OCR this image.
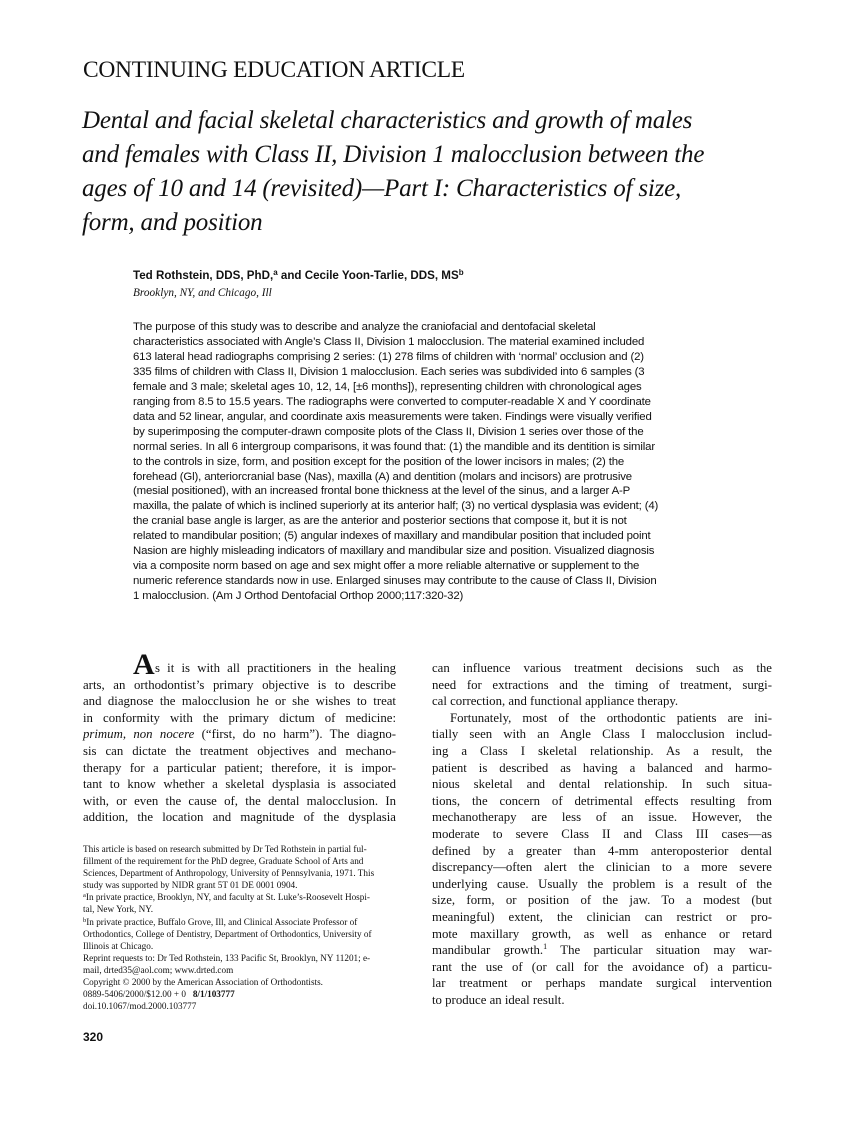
CONTINUING EDUCATION ARTICLE
Dental and facial skeletal characteristics and growth of males
and females with Class II, Division 1 malocclusion between the
ages of 10 and 14 (revisited)—Part I: Characteristics of size,
form, and position
Ted Rothstein, DDS, PhD,$^a$ and Cecile Yoon-Tarlie, DDS, $MS^b$
Brooklyn, NY, and Chicago, Ill
The purpose of this study was to describe and analyze the craniofacial and dentofacial skeletal
characteristics associated with Angle’s Class II, Division 1 malocclusion. The material examined included
613 lateral head radiographs comprising 2 series: (1) 278 films of children with ‘normal’ occlusion and (2)
335 films of children with Class II, Division 1 malocclusion. Each series was subdivided into 6 samples (3
female and 3 male; skeletal ages 10, 12, 14, [±6 months]), representing children with chronological ages
ranging from 8.5 to 15.5 years. The radiographs were converted to computer-readable X and Y coordinate
data and 52 linear, angular, and coordinate axis measurements were taken. Findings were visually verified
by superimposing the computer-drawn composite plots of the Class II, Division 1 series over those of the
normal series. In all 6 intergroup comparisons, it was found that: (1) the mandible and its dentition is similar
to the controls in size, form, and position except for the position of the lower incisors in males; (2) the
forehead (Gl), anteriorcranial base (Nas), maxilla (A) and dentition (molars and incisors) are protrusive
(mesial positioned), with an increased frontal bone thickness at the level of the sinus, and a larger A-P
maxilla, the palate of which is inclined superiorly at its anterior half; (3) no vertical dysplasia was evident; (4)
the cranial base angle is larger, as are the anterior and posterior sections that compose it, but it is not
related to mandibular position; (5) angular indexes of maxillary and mandibular position that included point
Nasion are highly misleading indicators of maxillary and mandibular size and position. Visualized diagnosis
via a composite norm based on age and sex might offer a more reliable alternative or supplement to the
numeric reference standards now in use. Enlarged sinuses may contribute to the cause of Class II, Division
1 malocclusion. (Am J Orthod Dentofacial Orthop 2000;117:320-32)
A s it is with all practitioners in the healing
arts, an orthodontist’s primary objective is to describe
and diagnose the malocclusion he or she wishes to treat
in conformity with the primary dictum of medicine:
primum, non nocere (“first, do no harm”). The diagno-
sis can dictate the treatment objectives and mechano-
therapy for a particular patient; therefore, it is impor-
tant to know whether a skeletal dysplasia is associated
with, or even the cause of, the dental malocclusion. In
addition, the location and magnitude of the dysplasia
This article is based on research submitted by Dr Ted Rothstein in partial ful-
fillment of the requirement for the PhD degree, Graduate School of Arts and
Sciences, Department of Anthropology, University of Pennsylvania, 1971. This
study was supported by NIDR grant 5T 01 DE 0001 0904.
$^a$In private practice, Brooklyn, NY, and faculty at St. Luke’s-Roosevelt Hospi-
tal, New York, NY.
$^b$In private practice, Buffalo Grove, Ill, and Clinical Associate Professor of
Orthodontics, College of Dentistry, Department of Orthodontics, University of
Illinois at Chicago.
Reprint requests to: Dr Ted Rothstein, 133 Pacific St, Brooklyn, NY 11201; e-
mail, drted35@aol.com; www.drted.com
Copyright © 2000 by the American Association of Orthodontists.
0889-5406/2000/$12.00 + 0 8/1/103777
doi.10.1067/mod.2000.103777
can influence various treatment decisions such as the
need for extractions and the timing of treatment, surgi-
cal correction, and functional appliance therapy.
Fortunately, most of the orthodontic patients are ini-
tially seen with an Angle Class I malocclusion includ-
ing a Class I skeletal relationship. As a result, the
patient is described as having a balanced and harmo-
nious skeletal and dental relationship. In such situa-
tions, the concern of detrimental effects resulting from
mechanotherapy are less of an issue. However, the
moderate to severe Class II and Class III cases—as
defined by a greater than 4-mm anteroposterior dental
discrepancy—often alert the clinician to a more severe
underlying cause. Usually the problem is a result of the
size, form, or position of the jaw. To a modest (but
meaningful) extent, the clinician can restrict or pro-
mote maxillary growth, as well as enhance or retard
mandibular growth.$^1$ The particular situation may war-
rant the use of (or call for the avoidance of) a particu-
lar treatment or perhaps mandate surgical intervention
to produce an ideal result.
320
